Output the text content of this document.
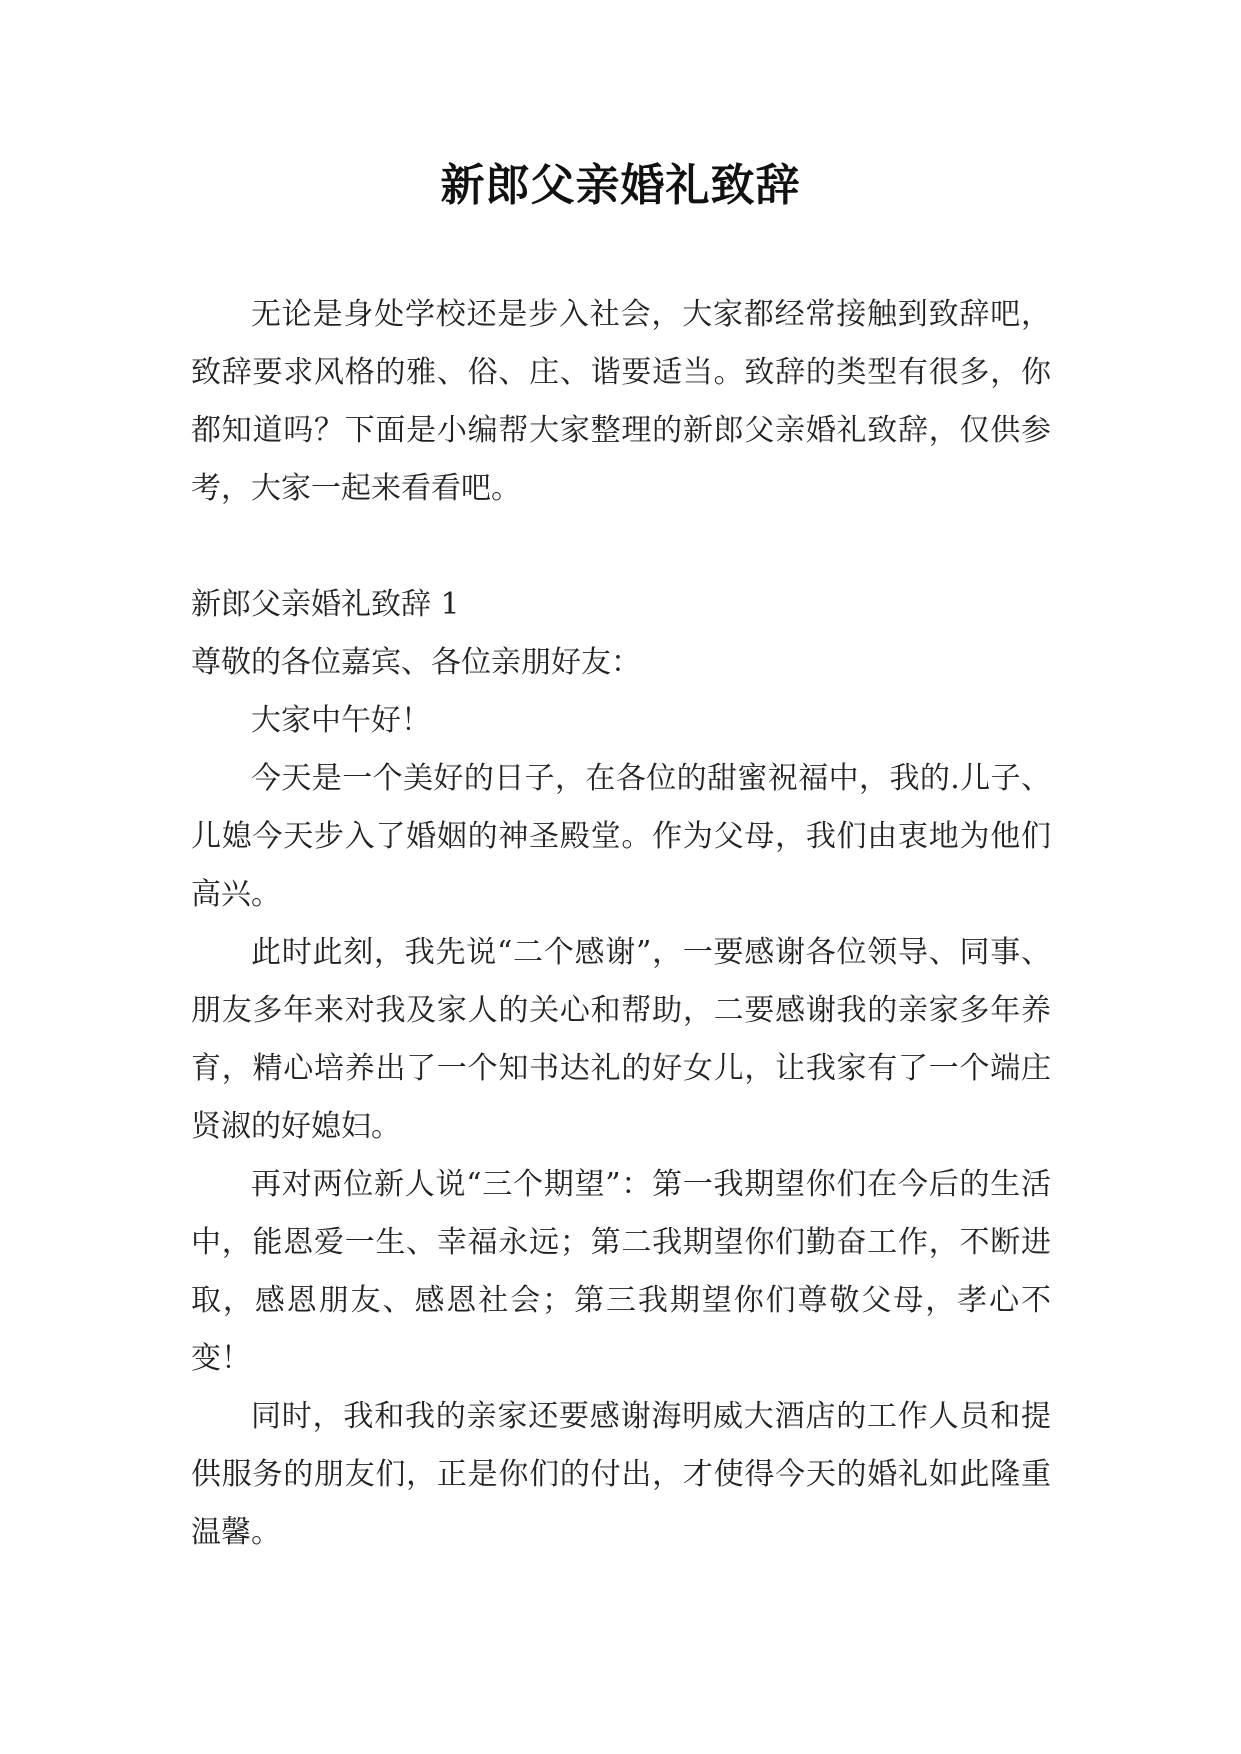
新郎父亲婚礼致辞

无论是身处学校还是步入社会，大家都经常接触到致辞吧，致辞要求风格的雅、俗、庄、谐要适当。致辞的类型有很多，你都知道吗？下面是小编帮大家整理的新郎父亲婚礼致辞，仅供参考，大家一起来看看吧。

新郎父亲婚礼致辞 1

尊敬的各位嘉宾、各位亲朋好友：

大家中午好！

今天是一个美好的日子，在各位的甜蜜祝福中，我的.儿子、儿媳今天步入了婚姻的神圣殿堂。作为父母，我们由衷地为他们高兴。

此时此刻，我先说“二个感谢”，一要感谢各位领导、同事、朋友多年来对我及家人的关心和帮助，二要感谢我的亲家多年养育，精心培养出了一个知书达礼的好女儿，让我家有了一个端庄贤淑的好媳妇。

再对两位新人说“三个期望”：第一我期望你们在今后的生活中，能恩爱一生、幸福永远；第二我期望你们勤奋工作，不断进取，感恩朋友、感恩社会；第三我期望你们尊敬父母，孝心不变！

同时，我和我的亲家还要感谢海明威大酒店的工作人员和提供服务的朋友们，正是你们的付出，才使得今天的婚礼如此隆重温馨。
